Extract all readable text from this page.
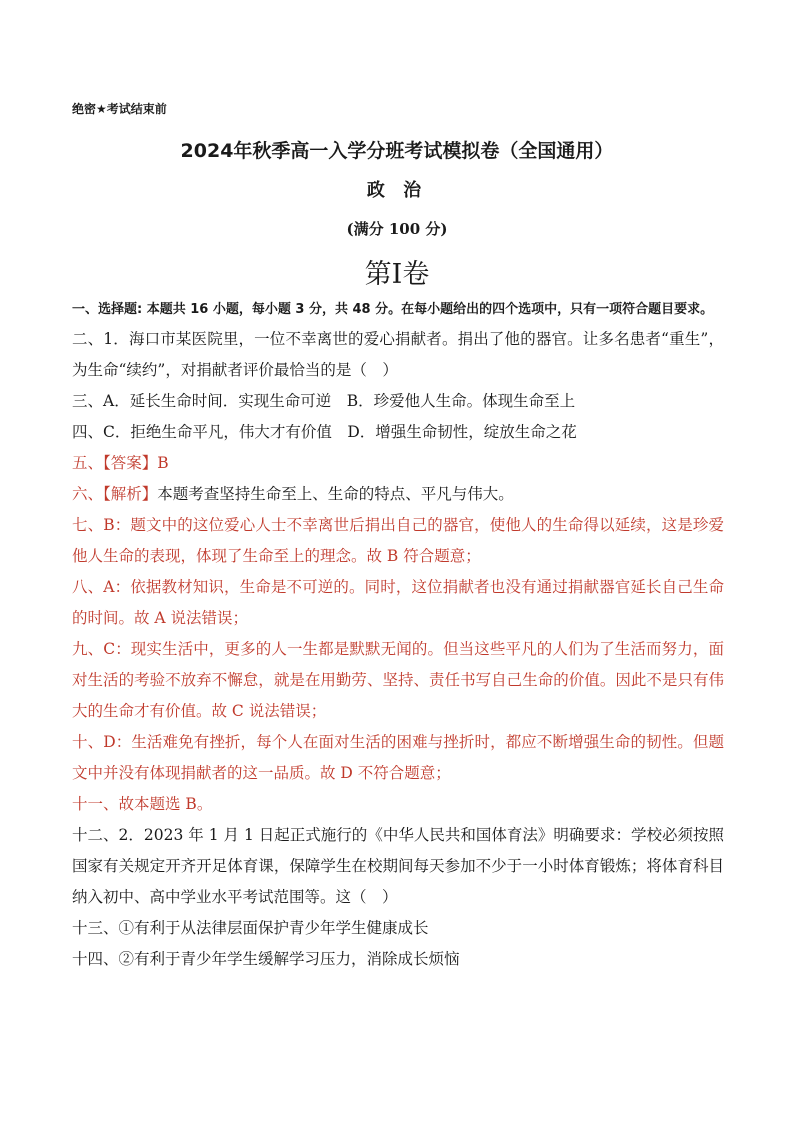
绝密★考试结束前
2024年秋季高一入学分班考试模拟卷（全国通用）
政 治
(满分 100 分)
第Ⅰ卷

一、选择题: 本题共 16 小题，每小题 3 分，共 48 分。在每小题给出的四个选项中，只有一项符合题目要求。

二、1．海口市某医院里，一位不幸离世的爱心捐献者。捐出了他的器官。让多名患者“重生”，为生命“续约”，对捐献者评价最恰当的是（　）

三、A．延长生命时间．实现生命可逆　B．珍爱他人生命。体现生命至上

四、C．拒绝生命平凡，伟大才有价值　D．增强生命韧性，绽放生命之花

五、【答案】B

六、【解析】本题考查坚持生命至上、生命的特点、平凡与伟大。

七、B：题文中的这位爱心人士不幸离世后捐出自己的器官，使他人的生命得以延续，这是珍爱他人生命的表现，体现了生命至上的理念。故 B 符合题意；

八、A：依据教材知识，生命是不可逆的。同时，这位捐献者也没有通过捐献器官延长自己生命的时间。故 A 说法错误；

九、C：现实生活中，更多的人一生都是默默无闻的。但当这些平凡的人们为了生活而努力，面对生活的考验不放弃不懈怠，就是在用勤劳、坚持、责任书写自己生命的价值。因此不是只有伟大的生命才有价值。故 C 说法错误；

十、D：生活难免有挫折，每个人在面对生活的困难与挫折时，都应不断增强生命的韧性。但题文中并没有体现捐献者的这一品质。故 D 不符合题意；

十一、故本题选 B。

十二、2．2023 年 1 月 1 日起正式施行的《中华人民共和国体育法》明确要求：学校必须按照国家有关规定开齐开足体育课，保障学生在校期间每天参加不少于一小时体育锻炼；将体育科目纳入初中、高中学业水平考试范围等。这（　）

十三、①有利于从法律层面保护青少年学生健康成长

十四、②有利于青少年学生缓解学习压力，消除成长烦恼
